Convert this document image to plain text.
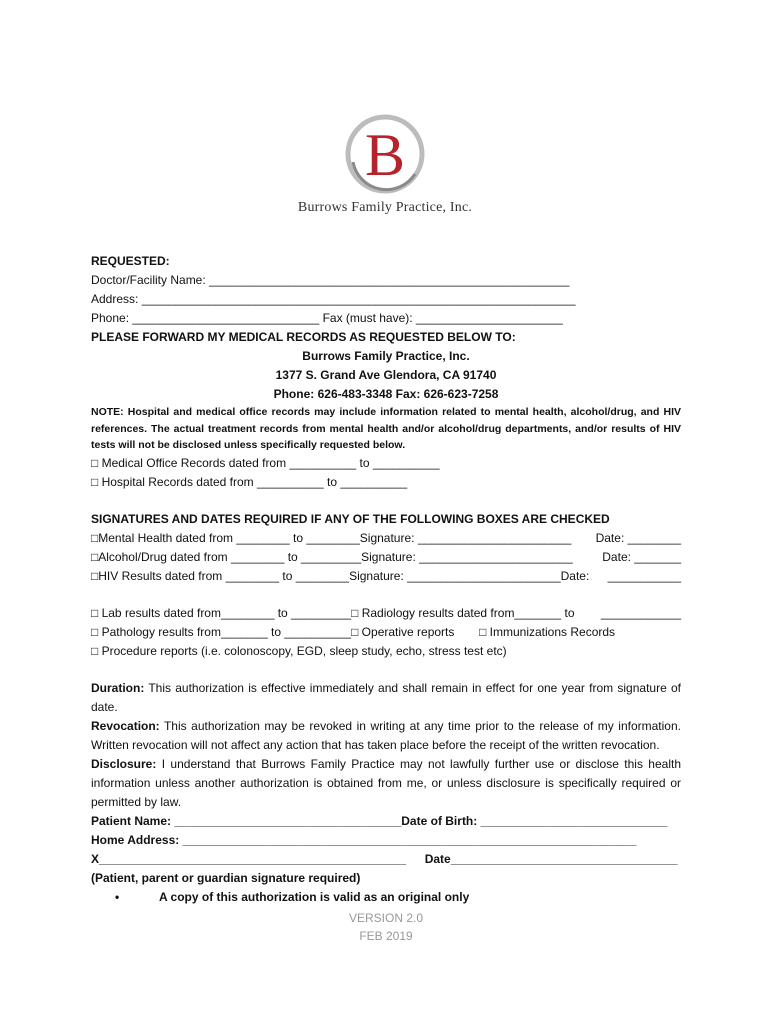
B
Burrows Family Practice, Inc.
REQUESTED:
Doctor/Facility Name: ______________________________________________________
Address: _________________________________________________________________
Phone: ____________________________ Fax (must have): ______________________
PLEASE FORWARD MY MEDICAL RECORDS AS REQUESTED BELOW TO:
Burrows Family Practice, Inc.
1377 S. Grand Ave Glendora, CA 91740
Phone: 626-483-3348 Fax: 626-623-7258
NOTE: Hospital and medical office records may include information related to mental health, alcohol/drug, and HIV references. The actual treatment records from mental health and/or alcohol/drug departments, and/or results of HIV tests will not be disclosed unless specifically requested below.
□ Medical Office Records dated from __________ to __________
□ Hospital Records dated from __________ to __________
SIGNATURES AND DATES REQUIRED IF ANY OF THE FOLLOWING BOXES ARE CHECKED
□Mental Health dated from ________ to ________Signature: _______________________ Date: ________
□Alcohol/Drug dated from ________ to _________Signature: _______________________ Date: _______
□HIV Results dated from ________ to ________Signature: _______________________Date: ___________
□ Lab results dated from________ to _________□ Radiology results dated from_______ to ____________
□ Pathology results from_______ to __________□ Operative reports □ Immunizations Records
□ Procedure reports (i.e. colonoscopy, EGD, sleep study, echo, stress test etc)
Duration: This authorization is effective immediately and shall remain in effect for one year from signature of date.
Revocation: This authorization may be revoked in writing at any time prior to the release of my information. Written revocation will not affect any action that has taken place before the receipt of the written revocation.
Disclosure: I understand that Burrows Family Practice may not lawfully further use or disclose this health information unless another authorization is obtained from me, or unless disclosure is specifically required or permitted by law.
Patient Name: __________________________________Date of Birth: ____________________________
Home Address: ____________________________________________________________________
X______________________________________________ Date__________________________________
(Patient, parent or guardian signature required)
• A copy of this authorization is valid as an original only
VERSION 2.0
FEB 2019
